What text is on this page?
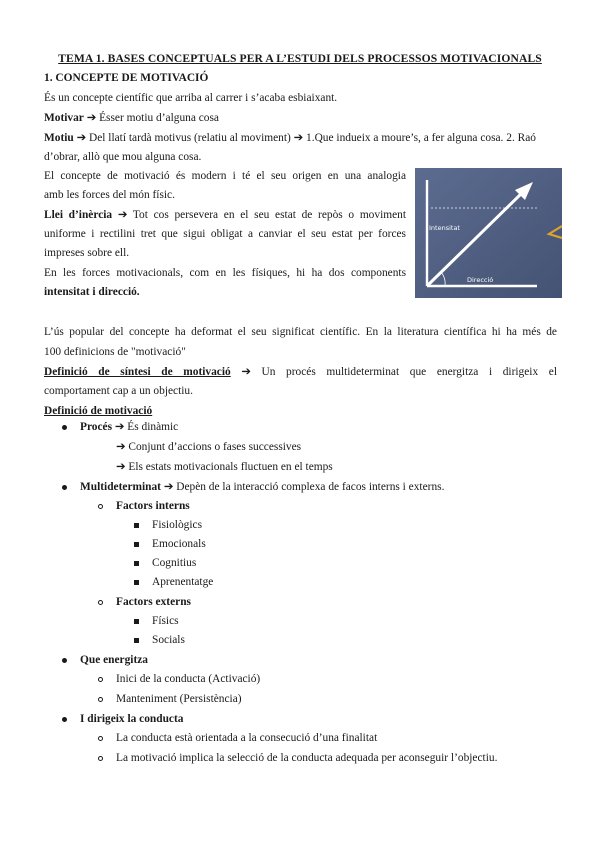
TEMA 1. BASES CONCEPTUALS PER A L’ESTUDI DELS PROCESSOS MOTIVACIONALS
1. CONCEPTE DE MOTIVACIÓ
És un concepte científic que arriba al carrer i s’acaba esbiaixant.
Motivar ➔ Ésser motiu d’alguna cosa
Motiu ➔ Del llatí tardà motivus (relatiu al moviment) ➔ 1.Que indueix a moure’s, a fer alguna cosa. 2. Raó
d’obrar, allò que mou alguna cosa.
El concepte de motivació és modern i té el seu origen en una analogia
amb les forces del món físic.
Llei d’inèrcia ➔ Tot cos persevera en el seu estat de repòs o moviment
uniforme i rectilini tret que sigui obligat a canviar el seu estat per forces
impreses sobre ell.
En les forces motivacionals, com en les físiques, hi ha dos components
intensitat i direcció.
Intensitat
Direcció
L’ús popular del concepte ha deformat el seu significat científic. En la literatura científica hi ha més de
100 definicions de "motivació"
Definició de síntesi de motivació ➔ Un procés multideterminat que energitza i dirigeix el
comportament cap a un objectiu.
Definició de motivació
Procés ➔ És dinàmic
➔ Conjunt d’accions o fases successives
➔ Els estats motivacionals fluctuen en el temps
Multideterminat ➔ Depèn de la interacció complexa de facos interns i externs.
Factors interns
Fisiològics
Emocionals
Cognitius
Aprenentatge
Factors externs
Físics
Socials
Que energitza
Inici de la conducta (Activació)
Manteniment (Persistència)
I dirigeix la conducta
La conducta està orientada a la consecució d’una finalitat
La motivació implica la selecció de la conducta adequada per aconseguir l’objectiu.
